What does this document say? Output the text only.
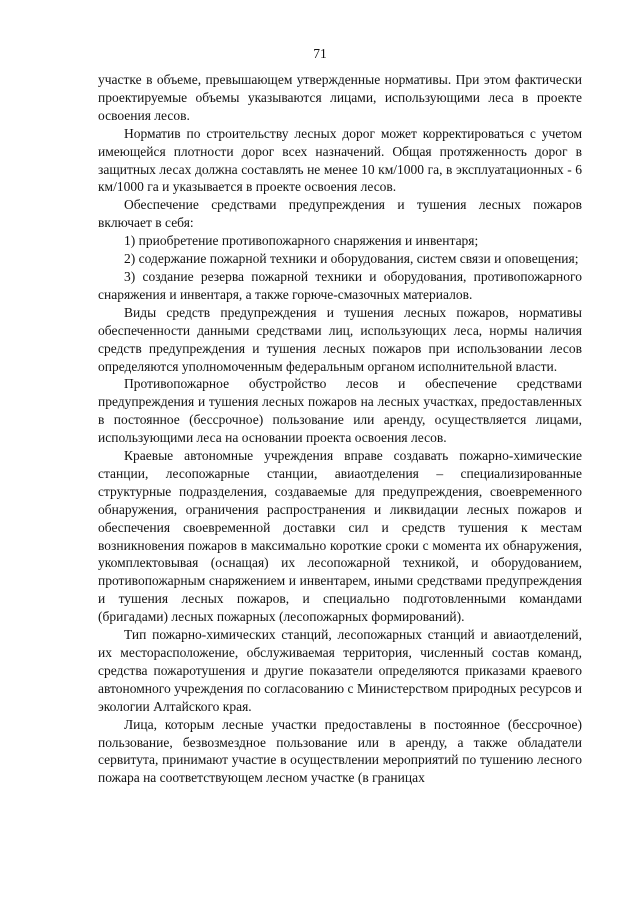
71

участке в объеме, превышающем утвержденные нормативы. При этом фактически проектируемые объемы указываются лицами, использующими леса в проекте освоения лесов.

Норматив по строительству лесных дорог может корректироваться с учетом имеющейся плотности дорог всех назначений. Общая протяженность дорог в защитных лесах должна составлять не менее 10 км/1000 га, в эксплуатационных - 6 км/1000 га и указывается в проекте освоения лесов.

Обеспечение средствами предупреждения и тушения лесных пожаров включает в себя:

1) приобретение противопожарного снаряжения и инвентаря;

2) содержание пожарной техники и оборудования, систем связи и оповещения;

3) создание резерва пожарной техники и оборудования, противопожарного снаряжения и инвентаря, а также горюче-смазочных материалов.

Виды средств предупреждения и тушения лесных пожаров, нормативы обеспеченности данными средствами лиц, использующих леса, нормы наличия средств предупреждения и тушения лесных пожаров при использовании лесов определяются уполномоченным федеральным органом исполнительной власти.

Противопожарное обустройство лесов и обеспечение средствами предупреждения и тушения лесных пожаров на лесных участках, предоставленных в постоянное (бессрочное) пользование или аренду, осуществляется лицами, использующими леса на основании проекта освоения лесов.

Краевые автономные учреждения вправе создавать пожарно-химические станции, лесопожарные станции, авиаотделения – специализированные структурные подразделения, создаваемые для предупреждения, своевременного обнаружения, ограничения распространения и ликвидации лесных пожаров и обеспечения своевременной доставки сил и средств тушения к местам возникновения пожаров в максимально короткие сроки с момента их обнаружения, укомплектовывая (оснащая) их лесопожарной техникой, и оборудованием, противопожарным снаряжением и инвентарем, иными средствами предупреждения и тушения лесных пожаров, и специально подготовленными командами (бригадами) лесных пожарных (лесопожарных формирований).

Тип пожарно-химических станций, лесопожарных станций и авиаотделений, их месторасположение, обслуживаемая территория, численный состав команд, средства пожаротушения и другие показатели определяются приказами краевого автономного учреждения по согласованию с Министерством природных ресурсов и экологии Алтайского края.

Лица, которым лесные участки предоставлены в постоянное (бессрочное) пользование, безвозмездное пользование или в аренду, а также обладатели сервитута, принимают участие в осуществлении мероприятий по тушению лесного пожара на соответствующем лесном участке (в границах
